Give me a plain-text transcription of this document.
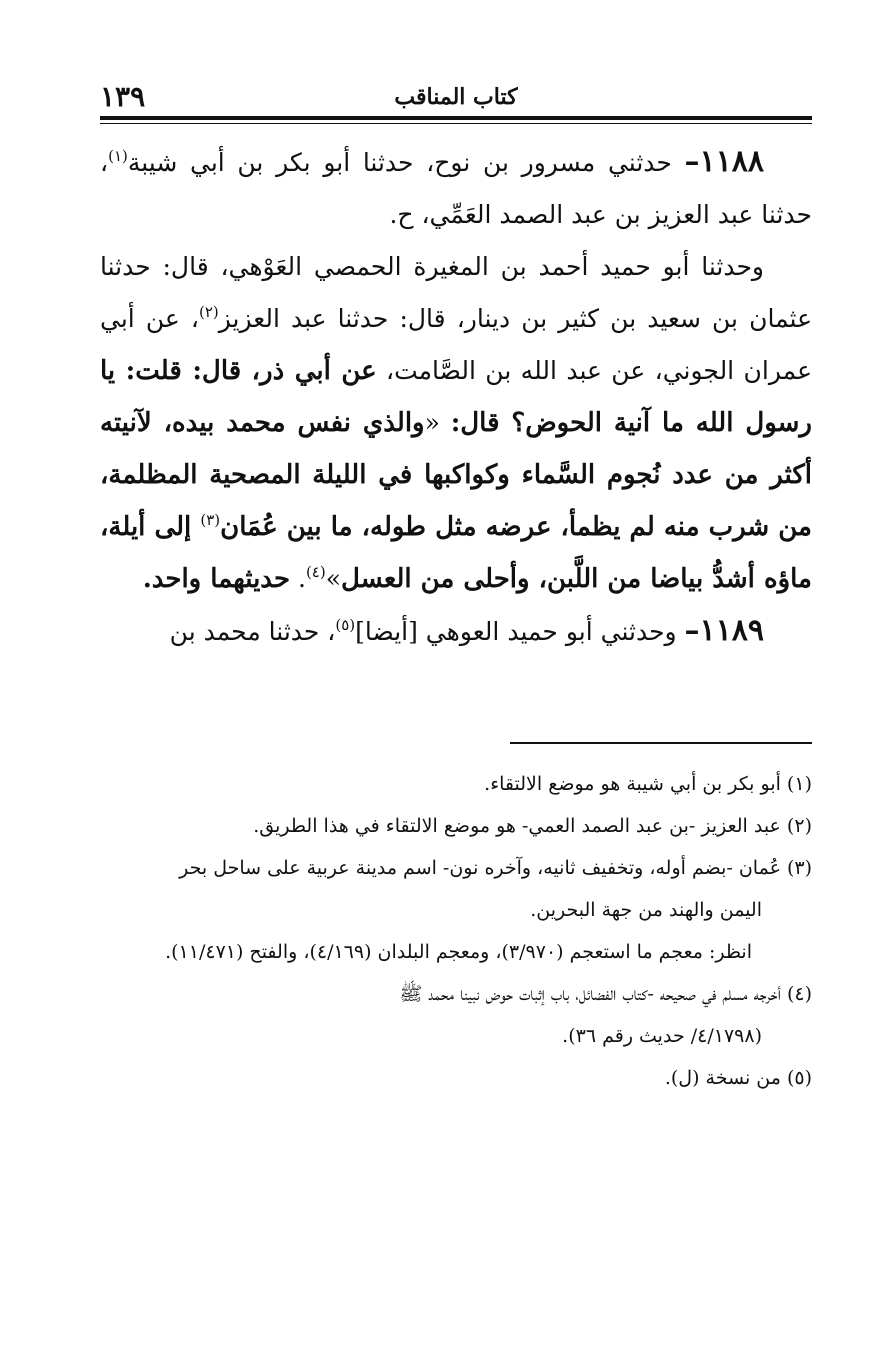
١٣٩	كتاب المناقب

١١٨٨– حدثني مسرور بن نوح، حدثنا أبو بكر بن أبي شيبة$^{(١)}$، حدثنا عبد العزيز بن عبد الصمد العَمِّي، ح.

وحدثنا أبو حميد أحمد بن المغيرة الحمصي العَوْهي، قال: حدثنا عثمان بن سعيد بن كثير بن دينار، قال: حدثنا عبد العزيز$^{(٢)}$، عن أبي عمران الجوني، عن عبد الله بن الصَّامت، عن أبي ذر، قال: قلت: يا رسول الله ما آنية الحوض؟ قال: «والذي نفس محمد بيده، لآنيته أكثر من عدد نُجوم السَّماء وكواكبها في الليلة المصحية المظلمة، من شرب منه لم يظمأ، عرضه مثل طوله، ما بين عُمَان$^{(٣)}$ إلى أيلة، ماؤه أشدُّ بياضا من اللَّبن، وأحلى من العسل»$^{(٤)}$. حديثهما واحد.

١١٨٩– وحدثني أبو حميد العوهي [أيضا]$^{(٥)}$، حدثنا محمد بن

(١) أبو بكر بن أبي شيبة هو موضع الالتقاء.

(٢) عبد العزيز -بن عبد الصمد العمي- هو موضع الالتقاء في هذا الطريق.

(٣) عُمان -بضم أوله، وتخفيف ثانيه، وآخره نون- اسم مدينة عربية على ساحل بحر

اليمن والهند من جهة البحرين.

انظر: معجم ما استعجم (٣/٩٧٠)، ومعجم البلدان (٤/١٦٩)، والفتح (١١/٤٧١).

(٤) أخرجه مسلم في صحيحه -كتاب الفضائل، باب إثبات حوض نبينا محمد ﷺ

(٤/١٧٩٨/ حديث رقم ٣٦).

(٥) من نسخة (ل).
